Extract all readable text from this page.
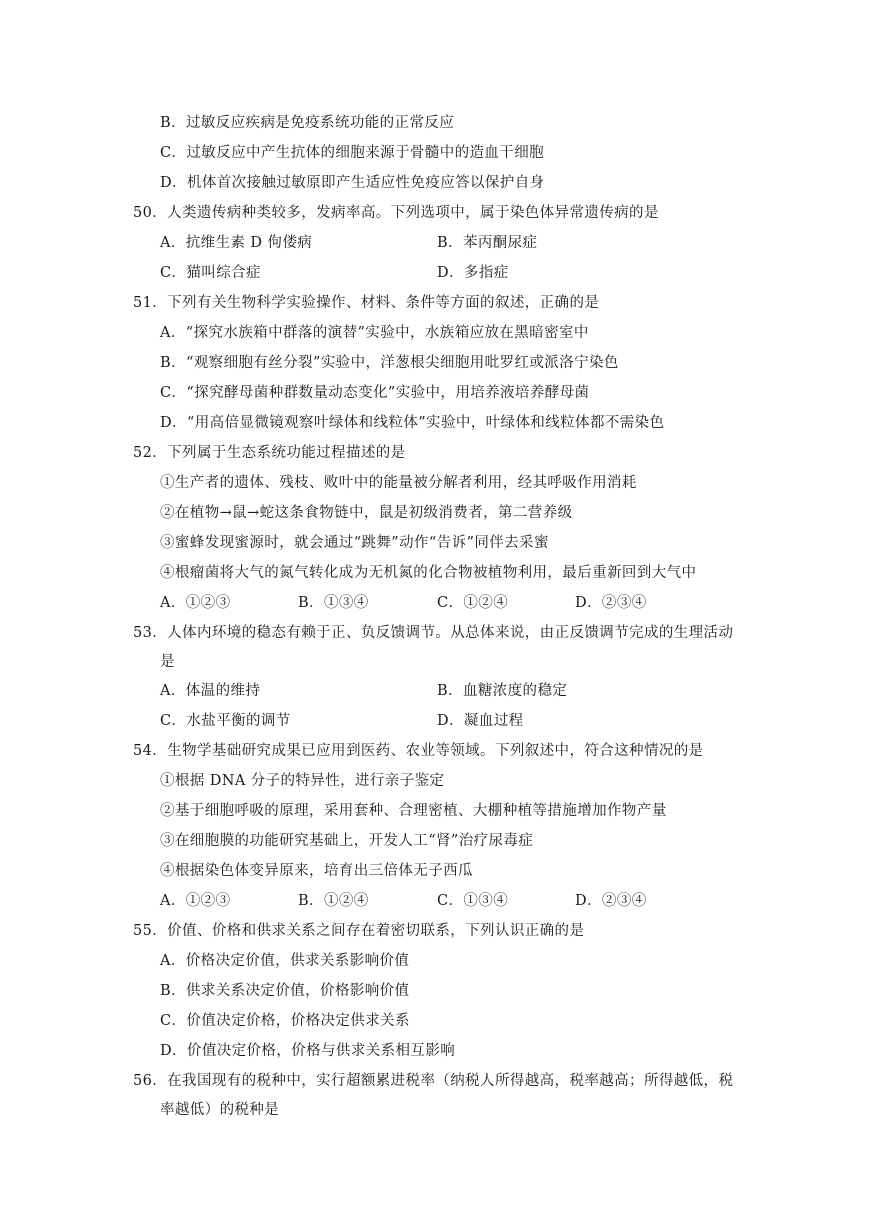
B．过敏反应疾病是免疫系统功能的正常反应
C．过敏反应中产生抗体的细胞来源于骨髓中的造血干细胞
D．机体首次接触过敏原即产生适应性免疫应答以保护自身
50．人类遗传病种类较多，发病率高。下列选项中，属于染色体异常遗传病的是
A．抗维生素 D 佝偻病	B．苯丙酮尿症
C．猫叫综合症	D．多指症
51．下列有关生物科学实验操作、材料、条件等方面的叙述，正确的是
A．“探究水族箱中群落的演替”实验中，水族箱应放在黑暗密室中
B．“观察细胞有丝分裂”实验中，洋葱根尖细胞用吡罗红或派洛宁染色
C．“探究酵母菌种群数量动态变化”实验中，用培养液培养酵母菌
D．“用高倍显微镜观察叶绿体和线粒体”实验中，叶绿体和线粒体都不需染色
52．下列属于生态系统功能过程描述的是
①生产者的遗体、残枝、败叶中的能量被分解者利用，经其呼吸作用消耗
②在植物→鼠→蛇这条食物链中，鼠是初级消费者，第二营养级
③蜜蜂发现蜜源时，就会通过“跳舞”动作“告诉”同伴去采蜜
④根瘤菌将大气的氮气转化成为无机氮的化合物被植物利用，最后重新回到大气中
A．①②③	B．①③④	C．①②④	D．②③④
53．人体内环境的稳态有赖于正、负反馈调节。从总体来说，由正反馈调节完成的生理活动
是
A．体温的维持	B．血糖浓度的稳定
C．水盐平衡的调节	D．凝血过程
54．生物学基础研究成果已应用到医药、农业等领域。下列叙述中，符合这种情况的是
①根据 DNA 分子的特异性，进行亲子鉴定
②基于细胞呼吸的原理，采用套种、合理密植、大棚种植等措施增加作物产量
③在细胞膜的功能研究基础上，开发人工“肾”治疗尿毒症
④根据染色体变异原来，培育出三倍体无子西瓜
A．①②③	B．①②④	C．①③④	D．②③④
55．价值、价格和供求关系之间存在着密切联系，下列认识正确的是
A．价格决定价值，供求关系影响价值
B．供求关系决定价值，价格影响价值
C．价值决定价格，价格决定供求关系
D．价值决定价格，价格与供求关系相互影响
56．在我国现有的税种中，实行超额累进税率（纳税人所得越高，税率越高；所得越低，税
率越低）的税种是
